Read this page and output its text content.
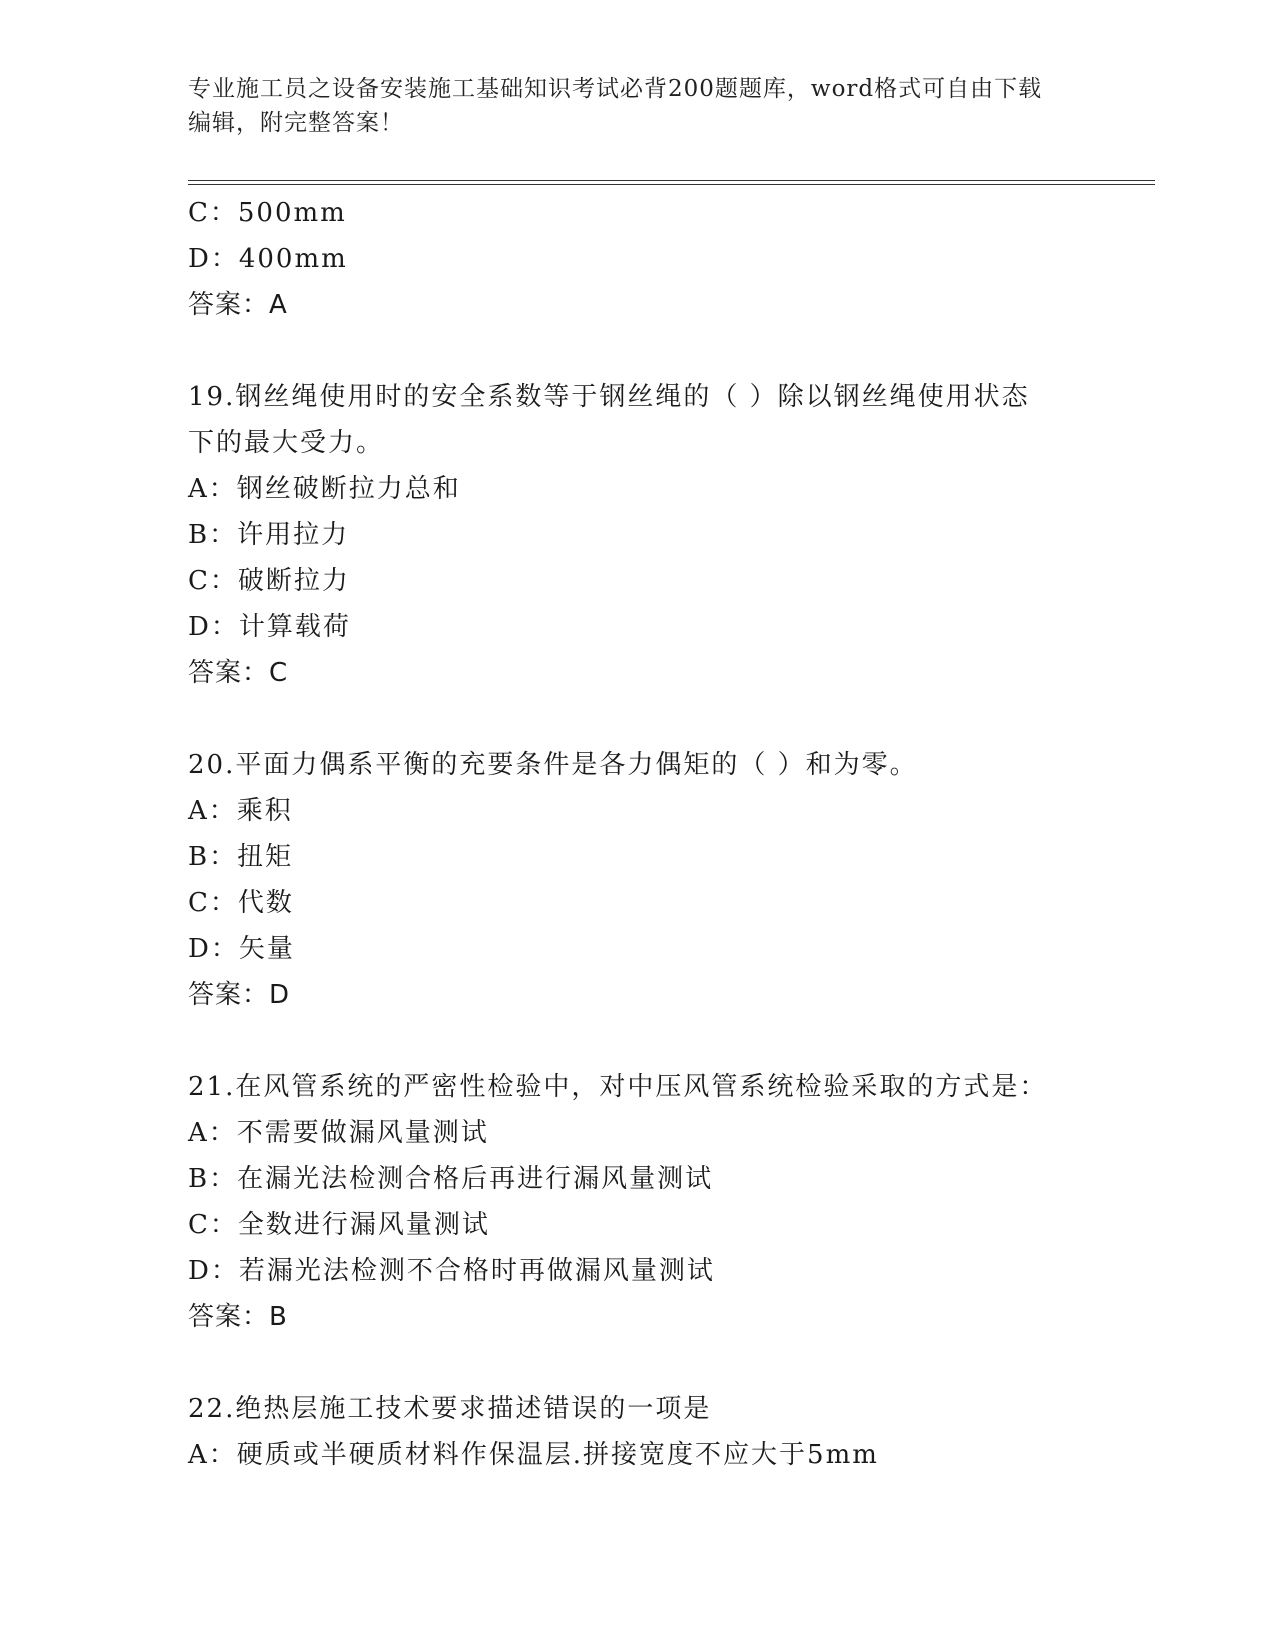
专业施工员之设备安装施工基础知识考试必背200题题库，word格式可自由下载
编辑，附完整答案！
C：500mm
D：400mm
答案：A
19.钢丝绳使用时的安全系数等于钢丝绳的（ ）除以钢丝绳使用状态
下的最大受力。
A：钢丝破断拉力总和
B：许用拉力
C：破断拉力
D：计算载荷
答案：C
20.平面力偶系平衡的充要条件是各力偶矩的（ ）和为零。
A：乘积
B：扭矩
C：代数
D：矢量
答案：D
21.在风管系统的严密性检验中，对中压风管系统检验采取的方式是：
A：不需要做漏风量测试
B：在漏光法检测合格后再进行漏风量测试
C：全数进行漏风量测试
D：若漏光法检测不合格时再做漏风量测试
答案：B
22.绝热层施工技术要求描述错误的一项是
A：硬质或半硬质材料作保温层.拼接宽度不应大于5mm
